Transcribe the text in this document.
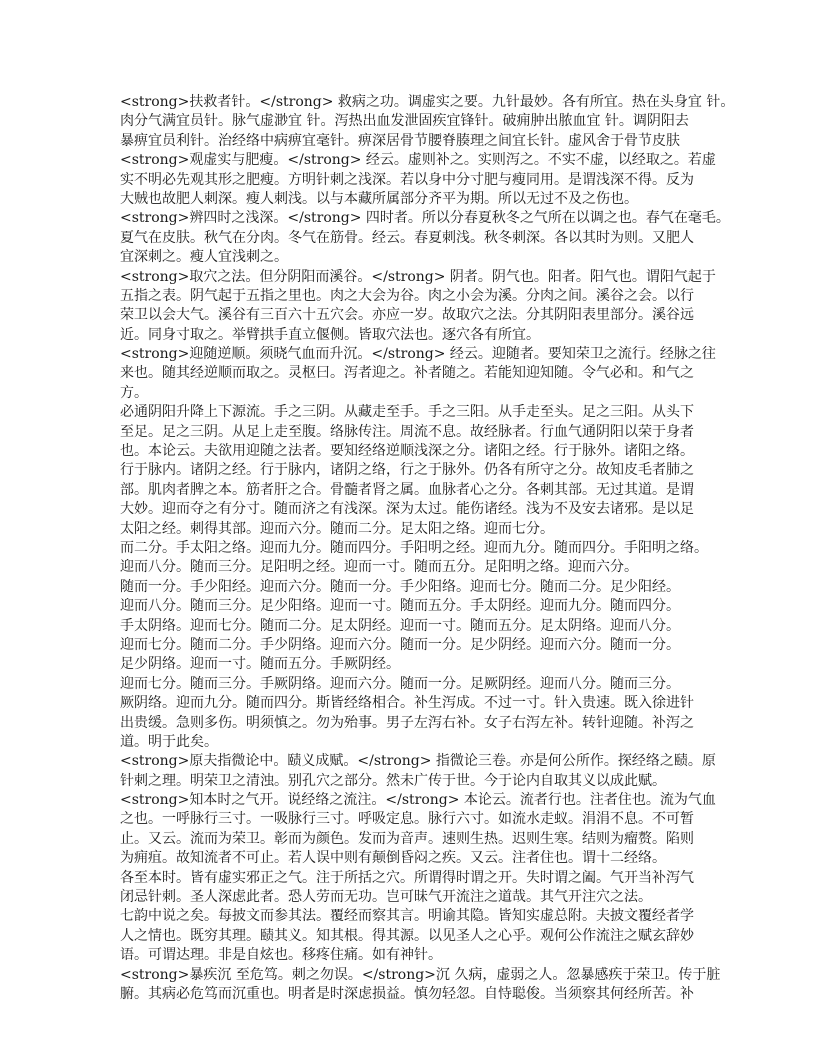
<strong>扶救者针。</strong> 救病之功。调虚实之要。九针最妙。各有所宜。热在头身宜 针。
肉分气满宜员针。脉气虚渺宜 针。泻热出血发泄固疾宜锋针。破痈肿出脓血宜 针。调阴阳去
暴痹宜员利针。治经络中病痹宜毫针。痹深居骨节腰脊腠理之间宜长针。虚风舍于骨节皮肤
<strong>观虚实与肥瘦。</strong> 经云。虚则补之。实则泻之。不实不虚，以经取之。若虚
实不明必先观其形之肥瘦。方明针刺之浅深。若以身中分寸肥与瘦同用。是谓浅深不得。反为
大贼也故肥人刺深。瘦人刺浅。以与本藏所属部分齐平为期。所以无过不及之伤也。
<strong>辨四时之浅深。</strong> 四时者。所以分春夏秋冬之气所在以调之也。春气在毫毛。
夏气在皮肤。秋气在分肉。冬气在筋骨。经云。春夏刺浅。秋冬刺深。各以其时为则。又肥人
宜深刺之。瘦人宜浅刺之。
<strong>取穴之法。但分阴阳而溪谷。</strong> 阴者。阴气也。阳者。阳气也。谓阳气起于
五指之表。阴气起于五指之里也。肉之大会为谷。肉之小会为溪。分肉之间。溪谷之会。以行
荣卫以会大气。溪谷有三百六十五穴会。亦应一岁。故取穴之法。分其阴阳表里部分。溪谷远
近。同身寸取之。举臂拱手直立偃侧。皆取穴法也。逐穴各有所宜。
<strong>迎随逆顺。须晓气血而升沉。</strong> 经云。迎随者。要知荣卫之流行。经脉之往
来也。随其经逆顺而取之。灵枢曰。泻者迎之。补者随之。若能知迎知随。令气必和。和气之
方。
必通阴阳升降上下源流。手之三阴。从藏走至手。手之三阳。从手走至头。足之三阳。从头下
至足。足之三阴。从足上走至腹。络脉传注。周流不息。故经脉者。行血气通阴阳以荣于身者
也。本论云。夫欲用迎随之法者。要知经络逆顺浅深之分。诸阳之经。行于脉外。诸阳之络。
行于脉内。诸阴之经。行于脉内，诸阴之络，行之于脉外。仍各有所守之分。故知皮毛者肺之
部。肌肉者脾之本。筋者肝之合。骨髓者肾之属。血脉者心之分。各刺其部。无过其道。是谓
大妙。迎而夺之有分寸。随而济之有浅深。深为太过。能伤诸经。浅为不及安去诸邪。是以足
太阳之经。刺得其部。迎而六分。随而二分。足太阳之络。迎而七分。
而二分。手太阳之络。迎而九分。随而四分。手阳明之经。迎而九分。随而四分。手阳明之络。
迎而八分。随而三分。足阳明之经。迎而一寸。随而五分。足阳明之络。迎而六分。
随而一分。手少阳经。迎而六分。随而一分。手少阳络。迎而七分。随而二分。足少阳经。
迎而八分。随而三分。足少阳络。迎而一寸。随而五分。手太阴经。迎而九分。随而四分。
手太阴络。迎而七分。随而二分。足太阴经。迎而一寸。随而五分。足太阴络。迎而八分。
迎而七分。随而二分。手少阴络。迎而六分。随而一分。足少阴经。迎而六分。随而一分。
足少阴络。迎而一寸。随而五分。手厥阴经。
迎而七分。随而三分。手厥阴络。迎而六分。随而一分。足厥阴经。迎而八分。随而三分。
厥阴络。迎而九分。随而四分。斯皆经络相合。补生泻成。不过一寸。针入贵速。既入徐进针
出贵缓。急则多伤。明须慎之。勿为殆事。男子左泻右补。女子右泻左补。转针迎随。补泻之
道。明于此矣。
<strong>原夫指微论中。赜义成赋。</strong> 指微论三卷。亦是何公所作。探经络之赜。原
针刺之理。明荣卫之清浊。别孔穴之部分。然未广传于世。今于论内自取其义以成此赋。
<strong>知本时之气开。说经络之流注。</strong> 本论云。流者行也。注者住也。流为气血
之也。一呼脉行三寸。一吸脉行三寸。呼吸定息。脉行六寸。如流水走蚁。涓涓不息。不可暂
止。又云。流而为荣卫。彰而为颜色。发而为音声。速则生热。迟则生寒。结则为瘤赘。陷则
为痈疽。故知流者不可止。若人误中则有颠倒昏闷之疾。又云。注者住也。谓十二经络。
各至本时。皆有虚实邪正之气。注于所括之穴。所谓得时谓之开。失时谓之阖。气开当补泻气
闭忌针刺。圣人深虑此者。恐人劳而无功。岂可昧气开流注之道哉。其气开注穴之法。
七韵中说之矣。每披文而参其法。覆经而察其言。明谕其隐。皆知实虚总附。夫披文覆经者学
人之情也。既穷其理。赜其义。知其根。得其源。以见圣人之心乎。观何公作流注之赋玄辞妙
语。可谓达理。非是自炫也。移疼住痛。如有神针。
<strong>暴疾沉 至危笃。刺之勿误。</strong>沉 久病，虚弱之人。忽暴感疾于荣卫。传于脏
腑。其病必危笃而沉重也。明者是时深虑损益。慎勿轻忽。自恃聪俊。当须察其何经所苦。补
